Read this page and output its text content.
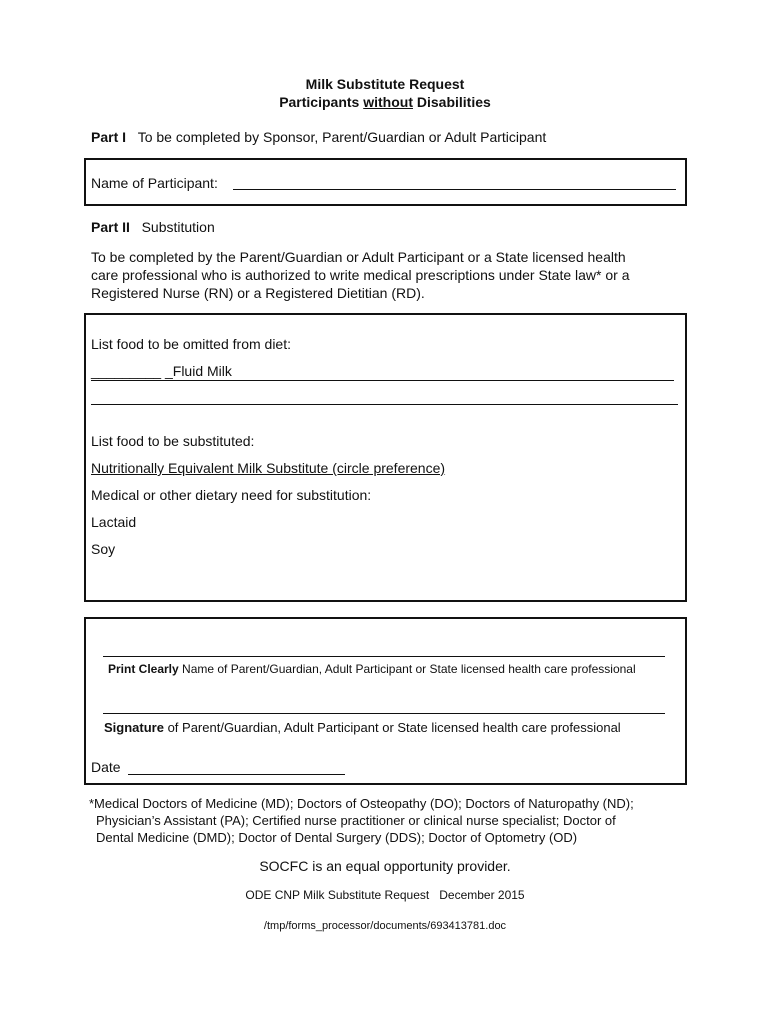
Milk Substitute Request
Participants without Disabilities
Part I To be completed by Sponsor, Parent/Guardian or Adult Participant
Name of Participant:
Part II Substitution
To be completed by the Parent/Guardian or Adult Participant or a State licensed health
care professional who is authorized to write medical prescriptions under State law* or a
Registered Nurse (RN) or a Registered Dietitian (RD).
List food to be omitted from diet:
_________ _Fluid Milk
List food to be substituted:
Nutritionally Equivalent Milk Substitute (circle preference)
Medical or other dietary need for substitution:
Lactaid
Soy
Print Clearly Name of Parent/Guardian, Adult Participant or State licensed health care professional
Signature of Parent/Guardian, Adult Participant or State licensed health care professional
Date
*Medical Doctors of Medicine (MD); Doctors of Osteopathy (DO); Doctors of Naturopathy (ND);
Physician’s Assistant (PA); Certified nurse practitioner or clinical nurse specialist; Doctor of
Dental Medicine (DMD); Doctor of Dental Surgery (DDS); Doctor of Optometry (OD)
SOCFC is an equal opportunity provider.
ODE CNP Milk Substitute Request   December 2015
/tmp/forms_processor/documents/693413781.doc
